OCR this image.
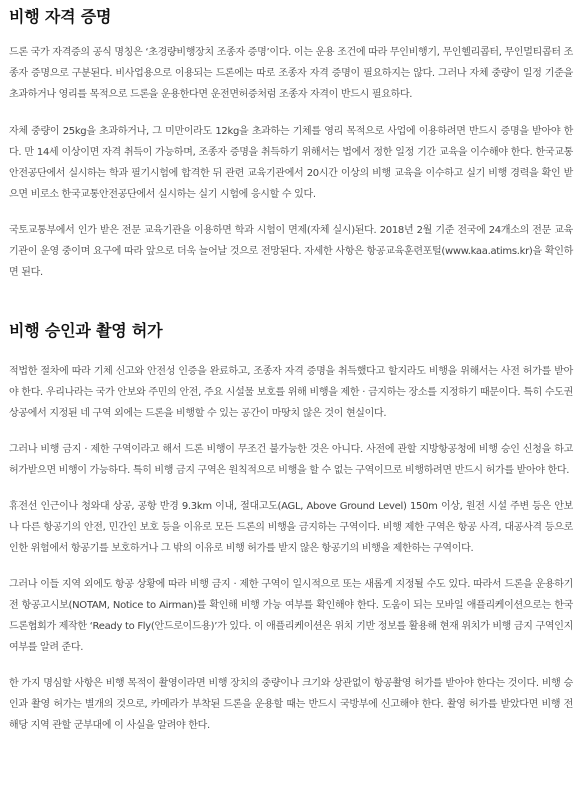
비행 자격 증명

드론 국가 자격증의 공식 명칭은 ‘초경량비행장치 조종자 증명’이다. 이는 운용 조건에 따라 무인비행기, 무인헬리콥터, 무인멀티콥터 조종자 증명으로 구분된다. 비사업용으로 이용되는 드론에는 따로 조종자 자격 증명이 필요하지는 않다. 그러나 자체 중량이 일정 기준을 초과하거나 영리를 목적으로 드론을 운용한다면 운전면허증처럼 조종자 자격이 반드시 필요하다.

자체 중량이 25kg을 초과하거나, 그 미만이라도 12kg을 초과하는 기체를 영리 목적으로 사업에 이용하려면 반드시 증명을 받아야 한다. 만 14세 이상이면 자격 취득이 가능하며, 조종자 증명을 취득하기 위해서는 법에서 정한 일정 기간 교육을 이수해야 한다. 한국교통안전공단에서 실시하는 학과 필기시험에 합격한 뒤 관련 교육기관에서 20시간 이상의 비행 교육을 이수하고 실기 비행 경력을 확인 받으면 비로소 한국교통안전공단에서 실시하는 실기 시험에 응시할 수 있다.

국토교통부에서 인가 받은 전문 교육기관을 이용하면 학과 시험이 면제(자체 실시)된다. 2018년 2월 기준 전국에 24개소의 전문 교육기관이 운영 중이며 요구에 따라 앞으로 더욱 늘어날 것으로 전망된다. 자세한 사항은 항공교육훈련포털(www.kaa.atims.kr)을 확인하면 된다.

비행 승인과 촬영 허가

적법한 절차에 따라 기체 신고와 안전성 인증을 완료하고, 조종자 자격 증명을 취득했다고 할지라도 비행을 위해서는 사전 허가를 받아야 한다. 우리나라는 국가 안보와 주민의 안전, 주요 시설물 보호를 위해 비행을 제한 · 금지하는 장소를 지정하기 때문이다. 특히 수도권 상공에서 지정된 네 구역 외에는 드론을 비행할 수 있는 공간이 마땅치 않은 것이 현실이다.

그러나 비행 금지 · 제한 구역이라고 해서 드론 비행이 무조건 불가능한 것은 아니다. 사전에 관할 지방항공청에 비행 승인 신청을 하고 허가받으면 비행이 가능하다. 특히 비행 금지 구역은 원칙적으로 비행을 할 수 없는 구역이므로 비행하려면 반드시 허가를 받아야 한다.

휴전선 인근이나 청와대 상공, 공항 반경 9.3km 이내, 절대고도(AGL, Above Ground Level) 150m 이상, 원전 시설 주변 등은 안보나 다른 항공기의 안전, 민간인 보호 등을 이유로 모든 드론의 비행을 금지하는 구역이다. 비행 제한 구역은 항공 사격, 대공사격 등으로 인한 위험에서 항공기를 보호하거나 그 밖의 이유로 비행 허가를 받지 않은 항공기의 비행을 제한하는 구역이다.

그러나 이들 지역 외에도 항공 상황에 따라 비행 금지 · 제한 구역이 일시적으로 또는 새롭게 지정될 수도 있다. 따라서 드론을 운용하기 전 항공고시보(NOTAM, Notice to Airman)를 확인해 비행 가능 여부를 확인해야 한다. 도움이 되는 모바일 애플리케이션으로는 한국드론협회가 제작한 ‘Ready to Fly(안드로이드용)’가 있다. 이 애플리케이션은 위치 기반 정보를 활용해 현재 위치가 비행 금지 구역인지 여부를 알려 준다.

한 가지 명심할 사항은 비행 목적이 촬영이라면 비행 장치의 중량이나 크기와 상관없이 항공촬영 허가를 받아야 한다는 것이다. 비행 승인과 촬영 허가는 별개의 것으로, 카메라가 부착된 드론을 운용할 때는 반드시 국방부에 신고해야 한다. 촬영 허가를 받았다면 비행 전 해당 지역 관할 군부대에 이 사실을 알려야 한다.
